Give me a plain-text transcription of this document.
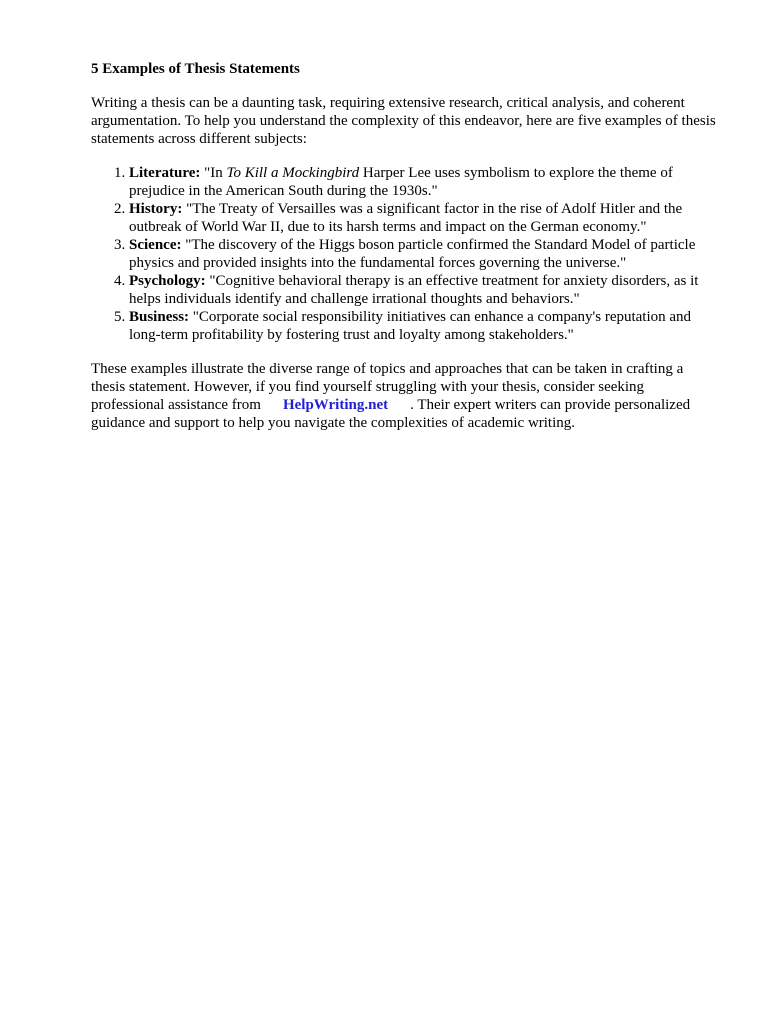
5 Examples of Thesis Statements

Writing a thesis can be a daunting task, requiring extensive research, critical analysis, and coherent argumentation. To help you understand the complexity of this endeavor, here are five examples of thesis statements across different subjects:

1. Literature: "In To Kill a Mockingbird Harper Lee uses symbolism to explore the theme of prejudice in the American South during the 1930s."
2. History: "The Treaty of Versailles was a significant factor in the rise of Adolf Hitler and the outbreak of World War II, due to its harsh terms and impact on the German economy."
3. Science: "The discovery of the Higgs boson particle confirmed the Standard Model of particle physics and provided insights into the fundamental forces governing the universe."
4. Psychology: "Cognitive behavioral therapy is an effective treatment for anxiety disorders, as it helps individuals identify and challenge irrational thoughts and behaviors."
5. Business: "Corporate social responsibility initiatives can enhance a company's reputation and long-term profitability by fostering trust and loyalty among stakeholders."

These examples illustrate the diverse range of topics and approaches that can be taken in crafting a thesis statement. However, if you find yourself struggling with your thesis, consider seeking professional assistance from HelpWriting.net . Their expert writers can provide personalized guidance and support to help you navigate the complexities of academic writing.
